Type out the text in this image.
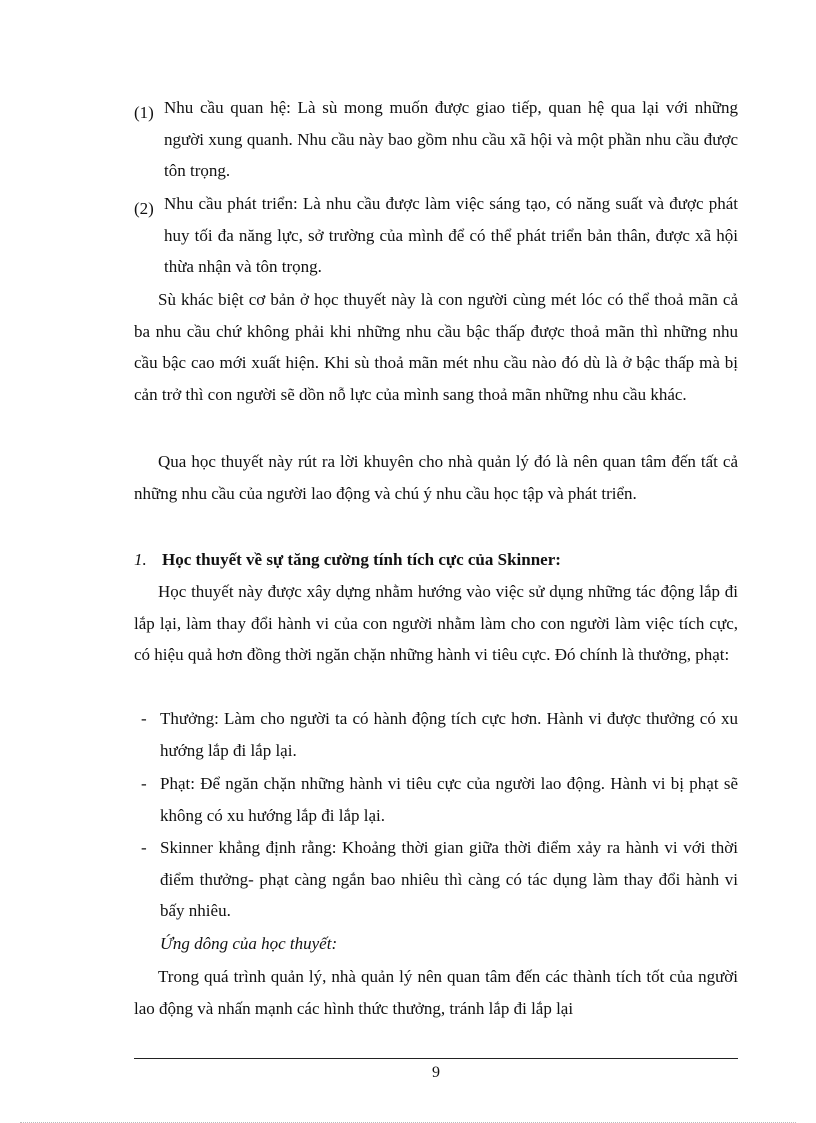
(1) Nhu cầu quan hệ: Là sù mong muốn được giao tiếp, quan hệ qua lại với những người xung quanh. Nhu cầu này bao gồm nhu cầu xã hội và một phần nhu cầu được tôn trọng.
(2) Nhu cầu phát triển: Là nhu cầu được làm việc sáng tạo, có năng suất và được phát huy tối đa năng lực, sở trường của mình để có thể phát triển bản thân, được xã hội thừa nhận và tôn trọng.
Sù khác biệt cơ bản ở học thuyết này là con người cùng mét lóc có thể thoả mãn cả ba nhu cầu chứ không phải khi những nhu cầu bậc thấp được thoả mãn thì những nhu cầu bậc cao mới xuất hiện. Khi sù thoả mãn mét nhu cầu nào đó dù là ở bậc thấp mà bị cản trở thì con người sẽ dồn nỗ lực của mình sang thoả mãn những nhu cầu khác.
Qua học thuyết này rút ra lời khuyên cho nhà quản lý đó là nên quan tâm đến tất cả những nhu cầu của người lao động và chú ý nhu cầu học tập và phát triển.
1. Học thuyết về sự tăng cường tính tích cực của Skinner:
Học thuyết này được xây dựng nhằm hướng vào việc sử dụng những tác động lắp đi lắp lại, làm thay đổi hành vi của con người nhằm làm cho con người làm việc tích cực, có hiệu quả hơn đồng thời ngăn chặn những hành vi tiêu cực. Đó chính là thưởng, phạt:
- Thưởng: Làm cho người ta có hành động tích cực hơn. Hành vi được thưởng có xu hướng lắp đi lắp lại.
- Phạt: Để ngăn chặn những hành vi tiêu cực của người lao động. Hành vi bị phạt sẽ không có xu hướng lắp đi lắp lại.
- Skinner khẳng định rằng: Khoảng thời gian giữa thời điểm xảy ra hành vi với thời điểm thưởng- phạt càng ngắn bao nhiêu thì càng có tác dụng làm thay đổi hành vi bấy nhiêu.
Ứng dông của học thuyết:
Trong quá trình quản lý, nhà quản lý nên quan tâm đến các thành tích tốt của người lao động và nhấn mạnh các hình thức thưởng, tránh lắp đi lắp lại
9
